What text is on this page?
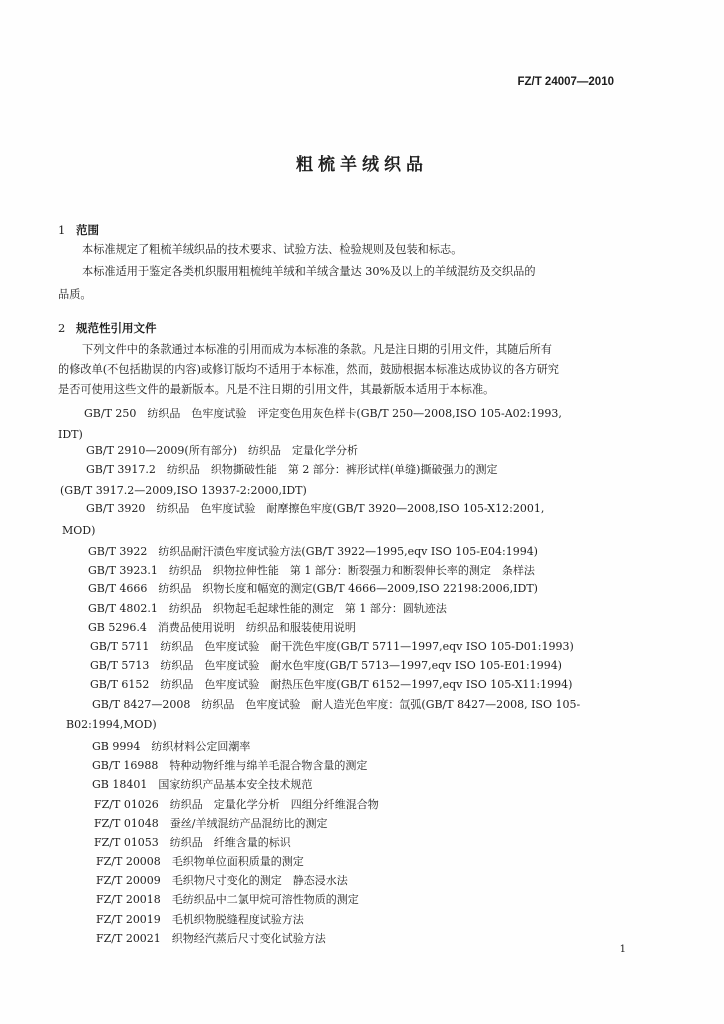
FZ/T 24007—2010
粗梳羊绒织品
1 范围
本标准规定了粗梳羊绒织品的技术要求、试验方法、检验规则及包装和标志。
本标准适用于鉴定各类机织服用粗梳纯羊绒和羊绒含量达 30%及以上的羊绒混纺及交织品的
品质。
2 规范性引用文件
下列文件中的条款通过本标准的引用而成为本标准的条款。凡是注日期的引用文件，其随后所有
的修改单(不包括勘误的内容)或修订版均不适用于本标准，然而，鼓励根据本标准达成协议的各方研究
是否可使用这些文件的最新版本。凡是不注日期的引用文件，其最新版本适用于本标准。
GB/T 250　纺织品　色牢度试验　评定变色用灰色样卡(GB/T 250—2008,ISO 105-A02:1993,
IDT)
GB/T 2910—2009(所有部分)　纺织品　定量化学分析
GB/T 3917.2　纺织品　织物撕破性能　第 2 部分：裤形试样(单缝)撕破强力的测定
(GB/T 3917.2—2009,ISO 13937-2:2000,IDT)
GB/T 3920　纺织品　色牢度试验　耐摩擦色牢度(GB/T 3920—2008,ISO 105-X12:2001,
MOD)
GB/T 3922　纺织品耐汗渍色牢度试验方法(GB/T 3922—1995,eqv ISO 105-E04:1994)
GB/T 3923.1　纺织品　织物拉伸性能　第 1 部分：断裂强力和断裂伸长率的测定　条样法
GB/T 4666　纺织品　织物长度和幅宽的测定(GB/T 4666—2009,ISO 22198:2006,IDT)
GB/T 4802.1　纺织品　织物起毛起球性能的测定　第 1 部分：圆轨迹法
GB 5296.4　消费品使用说明　纺织品和服装使用说明
GB/T 5711　纺织品　色牢度试验　耐干洗色牢度(GB/T 5711—1997,eqv ISO 105-D01:1993)
GB/T 5713　纺织品　色牢度试验　耐水色牢度(GB/T 5713—1997,eqv ISO 105-E01:1994)
GB/T 6152　纺织品　色牢度试验　耐热压色牢度(GB/T 6152—1997,eqv ISO 105-X11:1994)
GB/T 8427—2008　纺织品　色牢度试验　耐人造光色牢度：氙弧(GB/T 8427—2008, ISO 105-
B02:1994,MOD)
GB 9994　纺织材料公定回潮率
GB/T 16988　特种动物纤维与绵羊毛混合物含量的测定
GB 18401　国家纺织产品基本安全技术规范
FZ/T 01026　纺织品　定量化学分析　四组分纤维混合物
FZ/T 01048　蚕丝/羊绒混纺产品混纺比的测定
FZ/T 01053　纺织品　纤维含量的标识
FZ/T 20008　毛织物单位面积质量的测定
FZ/T 20009　毛织物尺寸变化的测定　静态浸水法
FZ/T 20018　毛纺织品中二氯甲烷可溶性物质的测定
FZ/T 20019　毛机织物脱缝程度试验方法
FZ/T 20021　织物经汽蒸后尺寸变化试验方法
1
